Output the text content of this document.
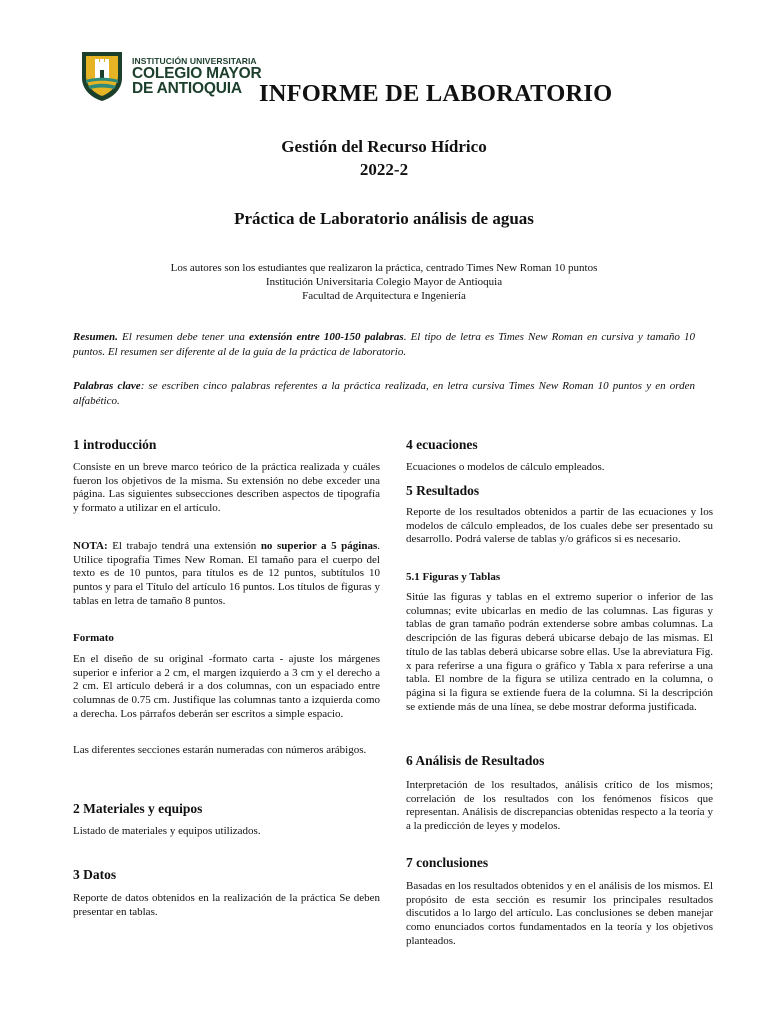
INSTITUCIÓN UNIVERSITARIA
COLEGIO MAYOR
DE ANTIOQUIA INFORME DE LABORATORIO
Gestión del Recurso Hídrico
2022-2
Práctica de Laboratorio análisis de aguas
Los autores son los estudiantes que realizaron la práctica, centrado Times New Roman 10 puntos
Institución Universitaria Colegio Mayor de Antioquia
Facultad de Arquitectura e Ingeniería
Resumen. El resumen debe tener una extensión entre 100-150 palabras. El tipo de letra es Times New Roman en cursiva y tamaño 10 puntos. El resumen ser diferente al de la guía de la práctica de laboratorio.
Palabras clave: se escriben cinco palabras referentes a la práctica realizada, en letra cursiva Times New Roman 10 puntos y en orden alfabético.
1 introducción

Consiste en un breve marco teórico de la práctica realizada y cuáles fueron los objetivos de la misma. Su extensión no debe exceder una página. Las siguientes subsecciones describen aspectos de tipografía y formato a utilizar en el artículo.

NOTA: El trabajo tendrá una extensión no superior a 5 páginas. Utilice tipografía Times New Roman. El tamaño para el cuerpo del texto es de 10 puntos, para títulos es de 12 puntos, subtítulos 10 puntos y para el Título del artículo 16 puntos. Los títulos de figuras y tablas en letra de tamaño 8 puntos.

Formato

En el diseño de su original -formato carta - ajuste los márgenes superior e inferior a 2 cm, el margen izquierdo a 3 cm y el derecho a 2 cm. El artículo deberá ir a dos columnas, con un espaciado entre columnas de 0.75 cm. Justifique las columnas tanto a izquierda como a derecha. Los párrafos deberán ser escritos a simple espacio.

Las diferentes secciones estarán numeradas con números arábigos.

2 Materiales y equipos

Listado de materiales y equipos utilizados.

3 Datos

Reporte de datos obtenidos en la realización de la práctica Se deben presentar en tablas.

4 ecuaciones

Ecuaciones o modelos de cálculo empleados.

5 Resultados

Reporte de los resultados obtenidos a partir de las ecuaciones y los modelos de cálculo empleados, de los cuales debe ser presentado su desarrollo. Podrá valerse de tablas y/o gráficos si es necesario.

5.1 Figuras y Tablas

Sitúe las figuras y tablas en el extremo superior o inferior de las columnas; evite ubicarlas en medio de las columnas. Las figuras y tablas de gran tamaño podrán extenderse sobre ambas columnas. La descripción de las figuras deberá ubicarse debajo de las mismas. El título de las tablas deberá ubicarse sobre ellas. Use la abreviatura Fig. x para referirse a una figura o gráfico y Tabla x para referirse a una tabla. El nombre de la figura se utiliza centrado en la columna, o página si la figura se extiende fuera de la columna. Si la descripción se extiende más de una línea, se debe mostrar deforma justificada.

6 Análisis de Resultados

Interpretación de los resultados, análisis crítico de los mismos; correlación de los resultados con los fenómenos físicos que representan. Análisis de discrepancias obtenidas respecto a la teoría y a la predicción de leyes y modelos.

7 conclusiones

Basadas en los resultados obtenidos y en el análisis de los mismos. El propósito de esta sección es resumir los principales resultados discutidos a lo largo del artículo. Las conclusiones se deben manejar como enunciados cortos fundamentados en la teoría y los objetivos planteados.
